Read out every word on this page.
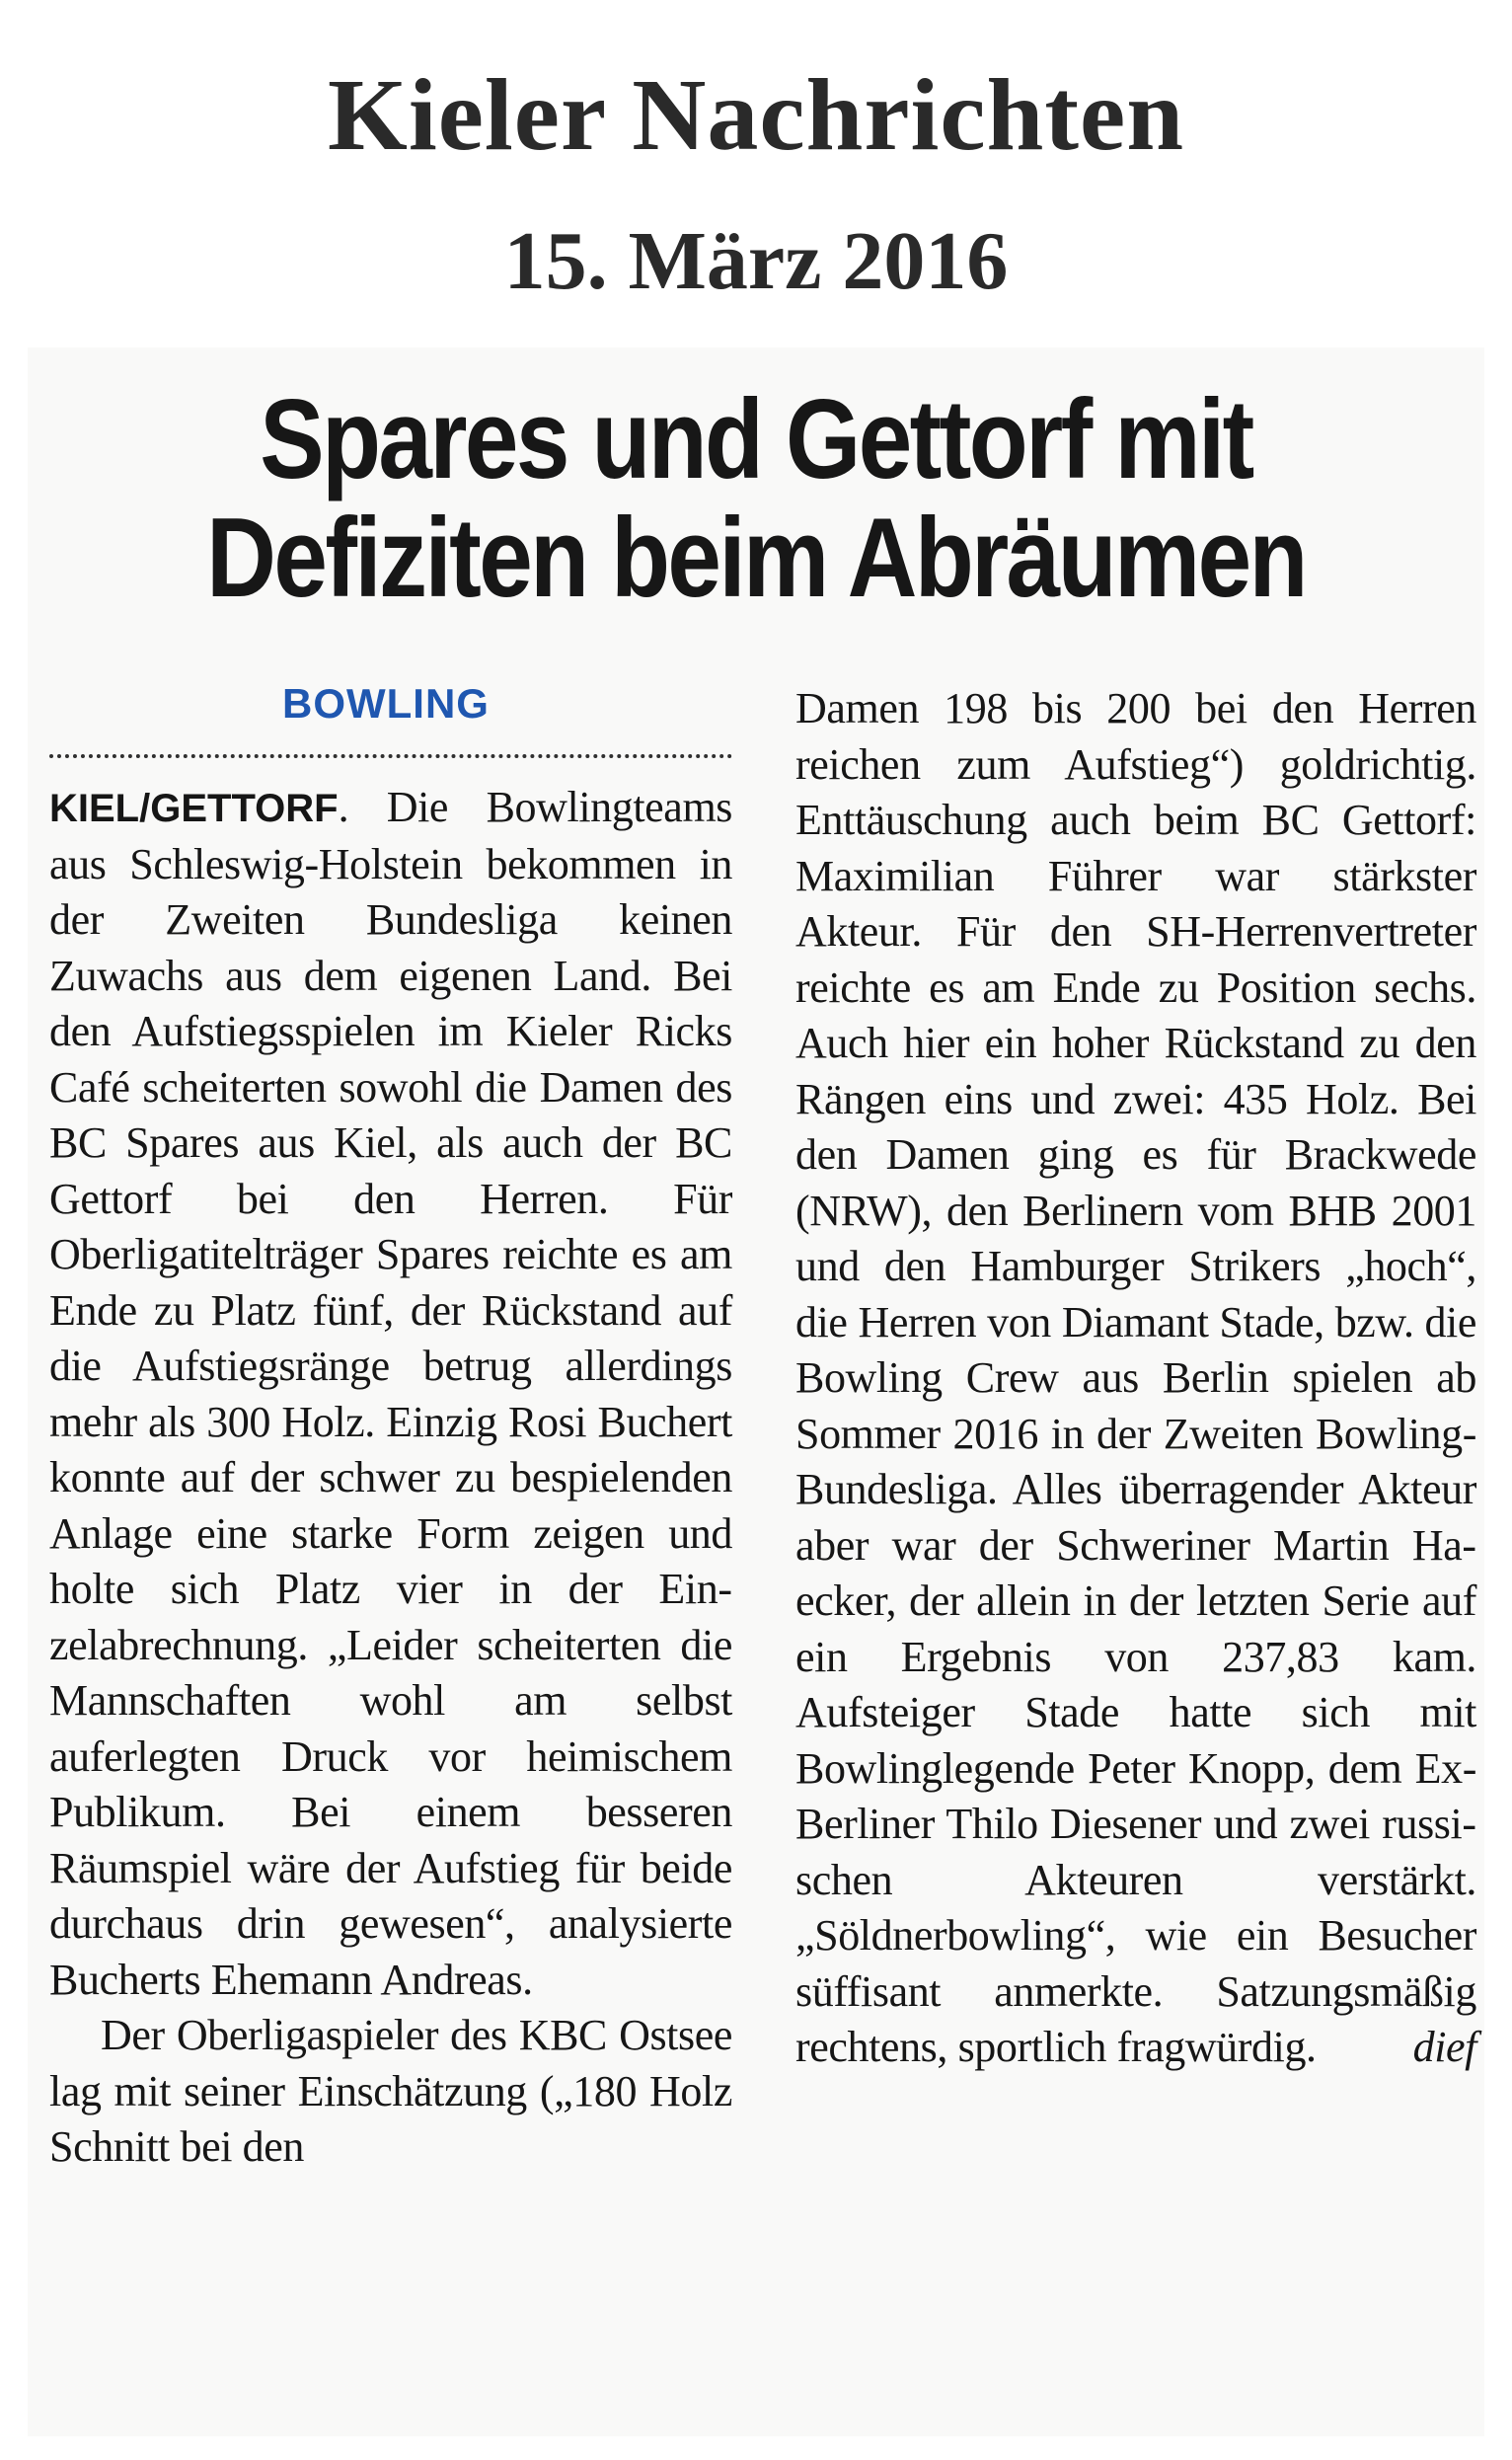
Kieler Nachrichten
15. März 2016
Spares und Gettorf mit
Defiziten beim Abräumen
BOWLING

KIEL/GETTORF. Die Bowlingteams aus Schleswig-Holstein bekommen in der Zweiten Bundesliga keinen Zuwachs aus dem eigenen Land. Bei den Aufstiegsspielen im Kieler Ricks Café scheiterten sowohl die Damen des BC Spares aus Kiel, als auch der BC Gettorf bei den Herren. Für Oberligatitelträger Spares reichte es am Ende zu Platz fünf, der Rückstand auf die Aufstiegsränge betrug allerdings mehr als 300 Holz. Einzig Rosi Buchert konnte auf der schwer zu bespielenden Anlage eine starke Form zeigen und holte sich Platz vier in der Einzelabrechnung. „Leider scheiterten die Mannschaften wohl am selbst auferlegten Druck vor heimischem Publikum. Bei einem besseren Räumspiel wäre der Aufstieg für beide durchaus drin gewesen“, analysierte Bucherts Ehemann Andreas.

Der Oberligaspieler des KBC Ostsee lag mit seiner Einschätzung („180 Holz Schnitt bei den

Damen 198 bis 200 bei den Herren reichen zum Aufstieg“) goldrichtig. Enttäuschung auch beim BC Gettorf: Maximilian Führer war stärkster Akteur. Für den SH-Herrenvertreter reichte es am Ende zu Position sechs. Auch hier ein hoher Rückstand zu den Rängen eins und zwei: 435 Holz. Bei den Damen ging es für Brackwede (NRW), den Berlinern vom BHB 2001 und den Hamburger Strikers „hoch“, die Herren von Diamant Stade, bzw. die Bowling Crew aus Berlin spielen ab Sommer 2016 in der Zweiten Bowling-Bundesliga. Alles überragender Akteur aber war der Schweriner Martin Haecker, der allein in der letzten Serie auf ein Ergebnis von 237,83 kam. Aufsteiger Stade hatte sich mit Bowlinglegende Peter Knopp, dem Ex-Berliner Thilo Diesener und zwei russischen Akteuren verstärkt. „Söldnerbowling“, wie ein Besucher süffisant anmerkte. Satzungsmäßig rechtens, sportlich fragwürdig. dief
